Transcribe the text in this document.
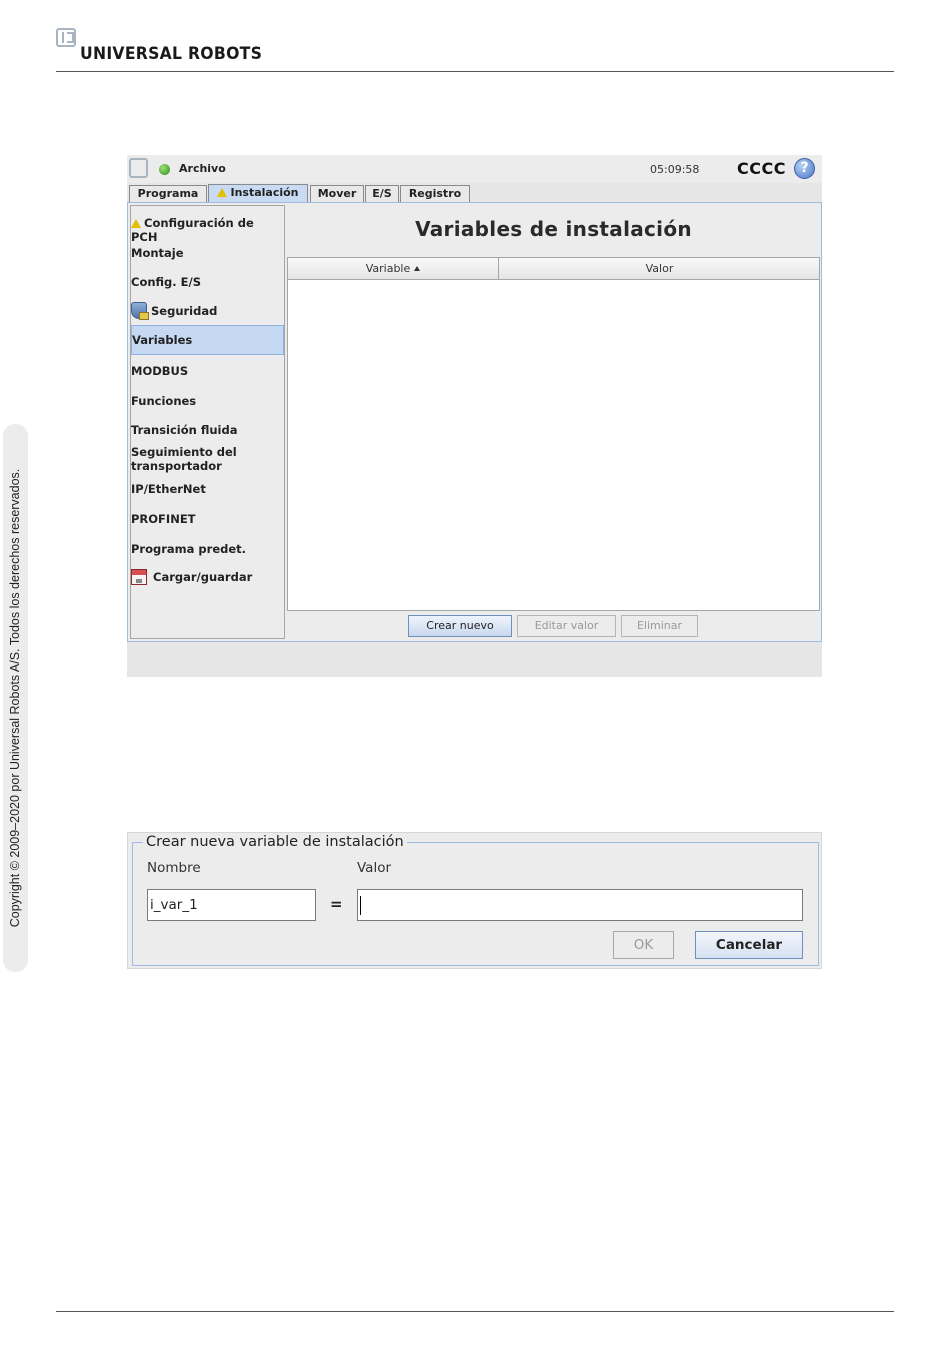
UNIVERSAL ROBOTS
Copyright © 2009–2020 por Universal Robots A/S. Todos los derechos reservados.
Archivo	05:09:58 CCCC	?
Programa	Instalación	Mover	E/S	Registro
Configuración de PCH
Montaje
Config. E/S
Seguridad
Variables
MODBUS
Funciones
Transición fluida
Seguimiento del transportador
IP/EtherNet
PROFINET
Programa predet.
Cargar/guardar
Variables de instalación
Variable	Valor
Crear nuevo	Editar valor	Eliminar
Crear nueva variable de instalación
Nombre	Valor
i_var_1	=
OK	Cancelar
